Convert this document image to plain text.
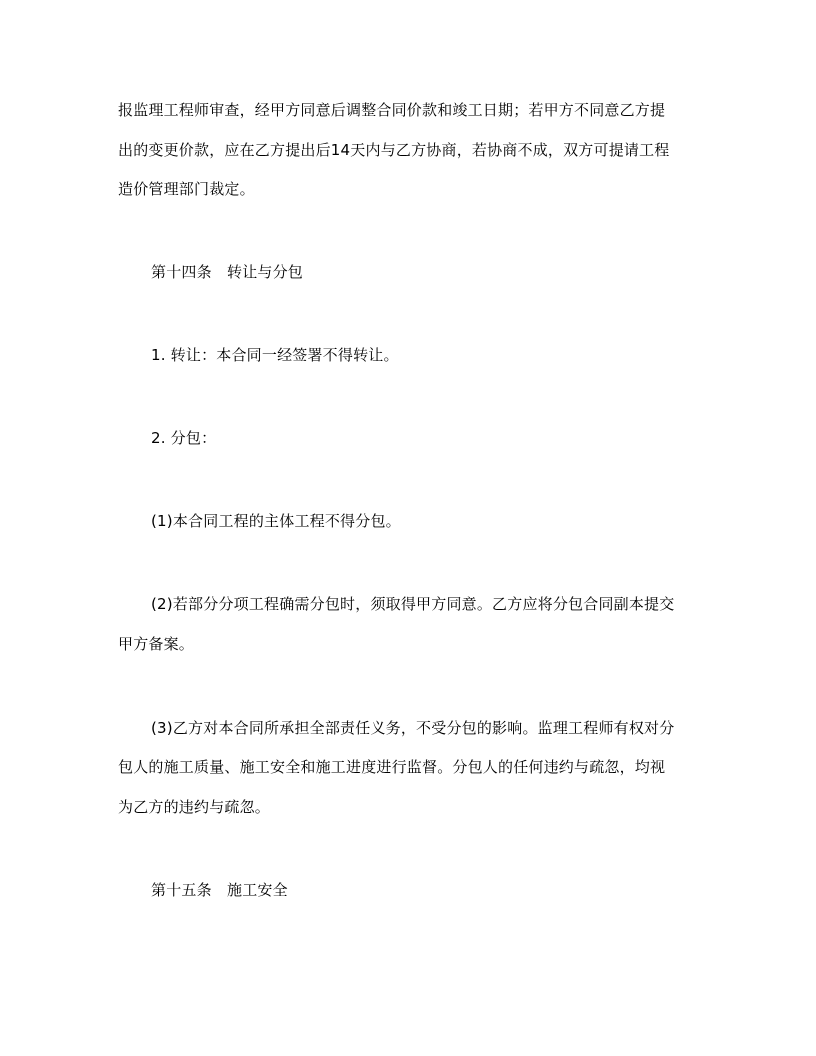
报监理工程师审查，经甲方同意后调整合同价款和竣工日期；若甲方不同意乙方提
出的变更价款，应在乙方提出后14天内与乙方协商，若协商不成，双方可提请工程
造价管理部门裁定。
第十四条　转让与分包
1. 转让：本合同一经签署不得转让。
2. 分包：
(1)本合同工程的主体工程不得分包。
(2)若部分分项工程确需分包时，须取得甲方同意。乙方应将分包合同副本提交
甲方备案。
(3)乙方对本合同所承担全部责任义务，不受分包的影响。监理工程师有权对分
包人的施工质量、施工安全和施工进度进行监督。分包人的任何违约与疏忽，均视
为乙方的违约与疏忽。
第十五条　施工安全
